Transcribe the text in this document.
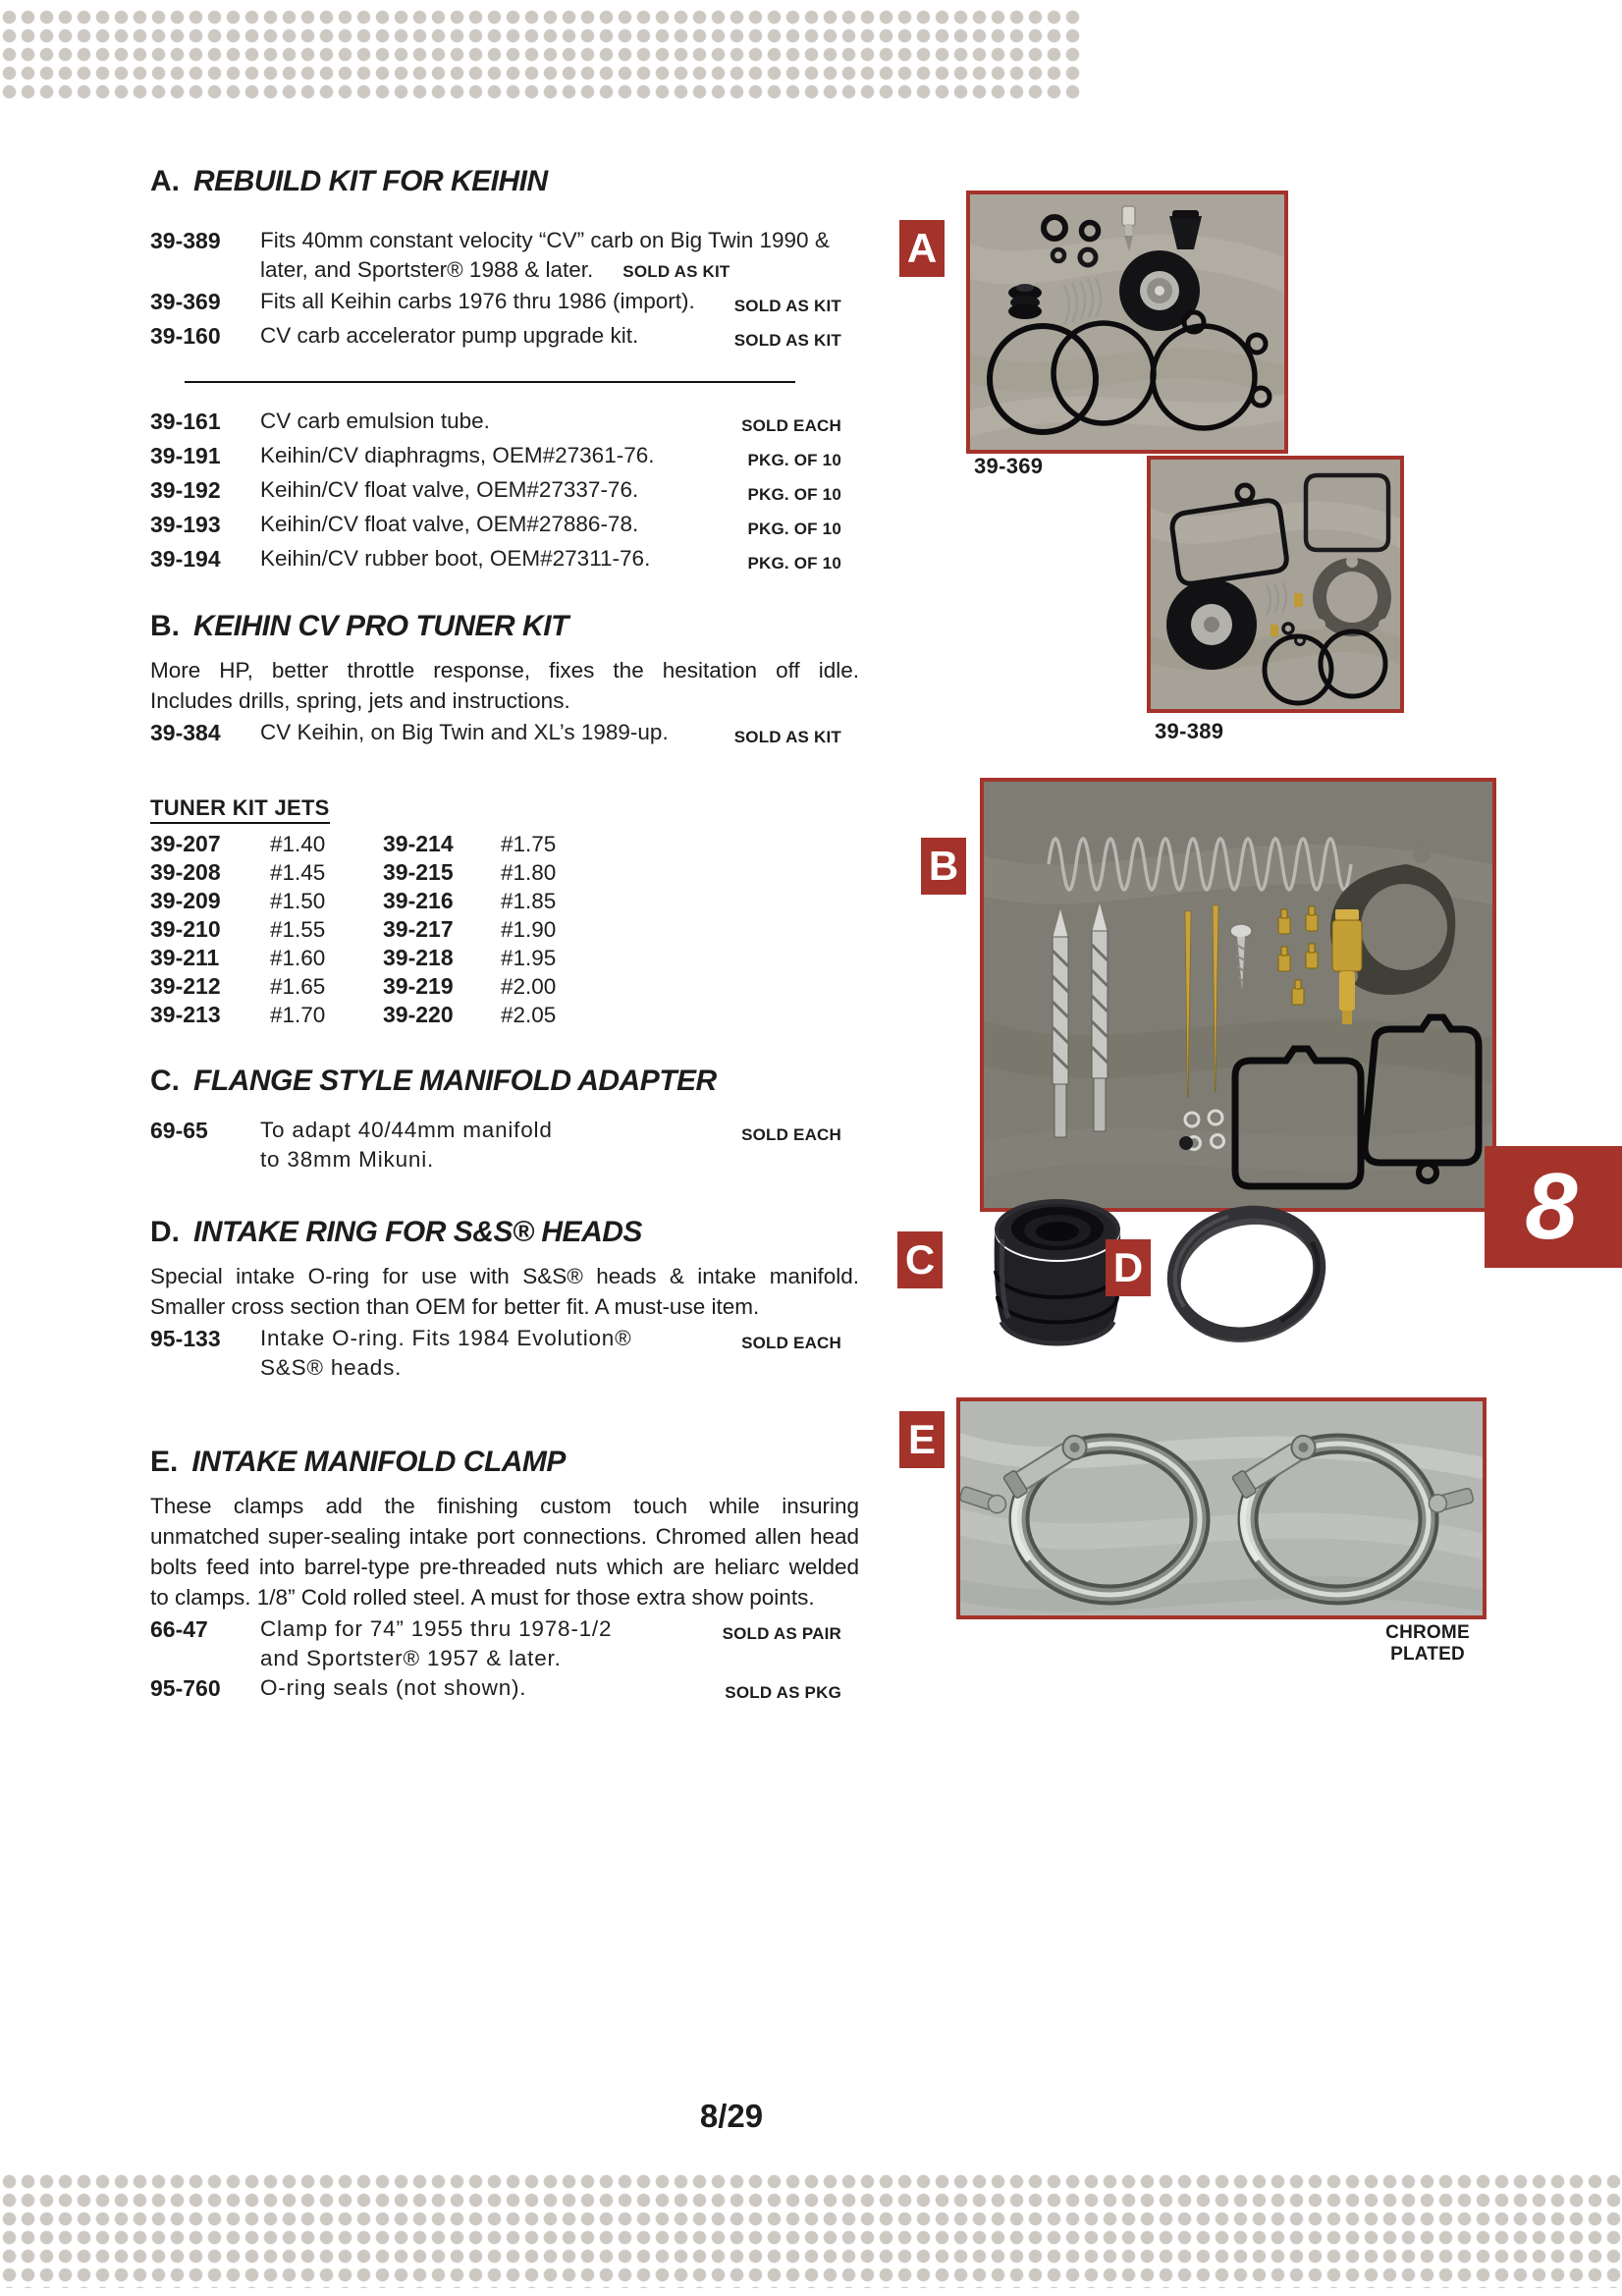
A. REBUILD KIT FOR KEIHIN
39-389	Fits 40mm constant velocity “CV” carb on Big Twin 1990 &
later, and Sportster® 1988 & later. SOLD AS KIT
39-369	Fits all Keihin carbs 1976 thru 1986 (import). SOLD AS KIT
39-160	CV carb accelerator pump upgrade kit.	SOLD AS KIT
39-161	CV carb emulsion tube.	SOLD EACH
39-191	Keihin/CV diaphragms, OEM#27361-76.	PKG. OF 10
39-192	Keihin/CV float valve, OEM#27337-76.	PKG. OF 10
39-193	Keihin/CV float valve, OEM#27886-78.	PKG. OF 10
39-194	Keihin/CV rubber boot, OEM#27311-76.	PKG. OF 10
B. KEIHIN CV PRO TUNER KIT

More HP, better throttle response, fixes the hesitation off idle.
Includes drills, spring, jets and instructions.

39-384	CV Keihin, on Big Twin and XL’s 1989-up.	SOLD AS KIT
TUNER KIT JETS
39-207	#1.40	39-214	#1.75
39-208	#1.45	39-215	#1.80
39-209	#1.50	39-216	#1.85
39-210	#1.55	39-217	#1.90
39-211	#1.60	39-218	#1.95
39-212	#1.65	39-219	#2.00
39-213	#1.70	39-220	#2.05
C. FLANGE STYLE MANIFOLD ADAPTER
69-65	To adapt 40/44mm manifold
to 38mm Mikuni.
SOLD EACH
D. INTAKE RING FOR S&S® HEADS

Special intake O-ring for use with S&S® heads & intake manifold.
Smaller cross section than OEM for better fit. A must-use item.

95-133	Intake O-ring. Fits 1984 Evolution®
S&S® heads.
SOLD EACH
E. INTAKE MANIFOLD CLAMP

These clamps add the finishing custom touch while insuring
unmatched super-sealing intake port connections. Chromed allen head
bolts feed into barrel-type pre-threaded nuts which are heliarc welded
to clamps. 1/8” Cold rolled steel. A must for those extra show points.

66-47	Clamp for 74” 1955 thru 1978-1/2
and Sportster® 1957 & later.
SOLD AS PAIR
95-760	O-ring seals (not shown).	SOLD AS PKG
A
39-369
39-389
B
C	D
8
E
CHROME
PLATED
8/29
